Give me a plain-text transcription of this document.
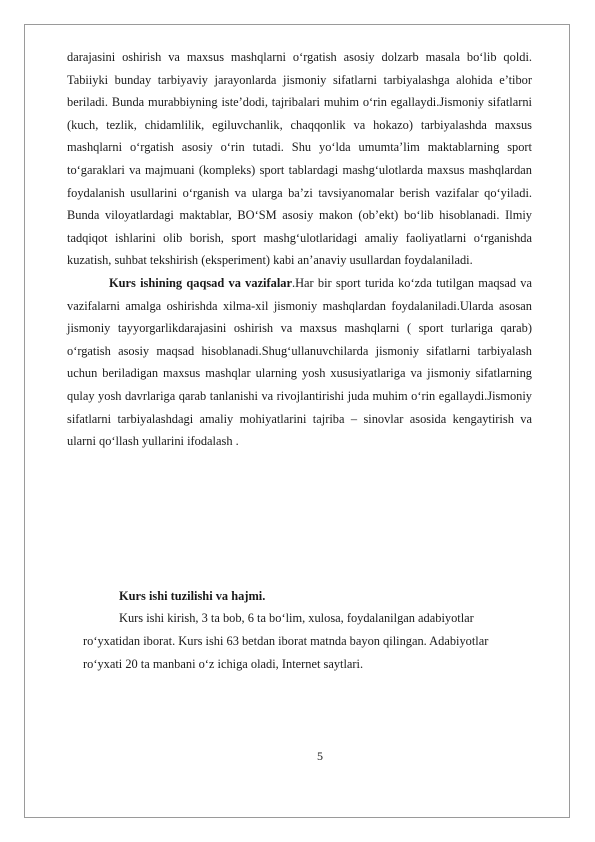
darajasini oshirish va maxsus mashqlarni o‘rgatish asosiy dolzarb masala bo‘lib qoldi. Tabiiyki bunday tarbiyaviy jarayonlarda jismoniy sifatlarni tarbiyalashga alohida e’tibor beriladi. Bunda murabbiyning iste’dodi, tajribalari muhim o‘rin egallaydi.Jismoniy sifatlarni (kuch, tezlik, chidamlilik, egiluvchanlik, chaqqonlik va hokazo) tarbiyalashda maxsus mashqlarni o‘rgatish asosiy o‘rin tutadi. Shu yo‘lda umumta’lim maktablarning sport to‘garaklari va majmuani (kompleks) sport tablardagi mashg‘ulotlarda maxsus mashqlardan foydalanish usullarini o‘rganish va ularga ba’zi tavsiyanomalar berish vazifalar qo‘yiladi. Bunda viloyatlardagi maktablar, BO‘SM asosiy makon (ob’ekt) bo‘lib hisoblanadi. Ilmiy tadqiqot ishlarini olib borish, sport mashg‘ulotlaridagi amaliy faoliyatlarni o‘rganishda kuzatish, suhbat tekshirish (eksperiment) kabi an’anaviy usullardan foydalaniladi.

Kurs ishining qaqsad va vazifalar.Har bir sport turida ko‘zda tutilgan maqsad va vazifalarni amalga oshirishda xilma-xil jismoniy mashqlardan foydalaniladi.Ularda asosan jismoniy tayyorgarlikdarajasini oshirish va maxsus mashqlarni ( sport turlariga qarab) o‘rgatish asosiy maqsad hisoblanadi.Shug‘ullanuvchilarda jismoniy sifatlarni tarbiyalash uchun beriladigan maxsus mashqlar ularning yosh xususiyatlariga va jismoniy sifatlarning qulay yosh davrlariga qarab tanlanishi va rivojlantirishi juda muhim o‘rin egallaydi.Jismoniy sifatlarni tarbiyalashdagi amaliy mohiyatlarini tajriba – sinovlar asosida kengaytirish va ularni qo‘llash yullarini ifodalash .

Kurs ishi tuzilishi va hajmi.
Kurs ishi kirish, 3 ta bob, 6 ta bo‘lim, xulosa, foydalanilgan adabiyotlar
ro‘yxatidan iborat. Kurs ishi 63 betdan iborat matnda bayon qilingan. Adabiyotlar
ro‘yxati 20 ta manbani o‘z ichiga oladi, Internet saytlari.
5
